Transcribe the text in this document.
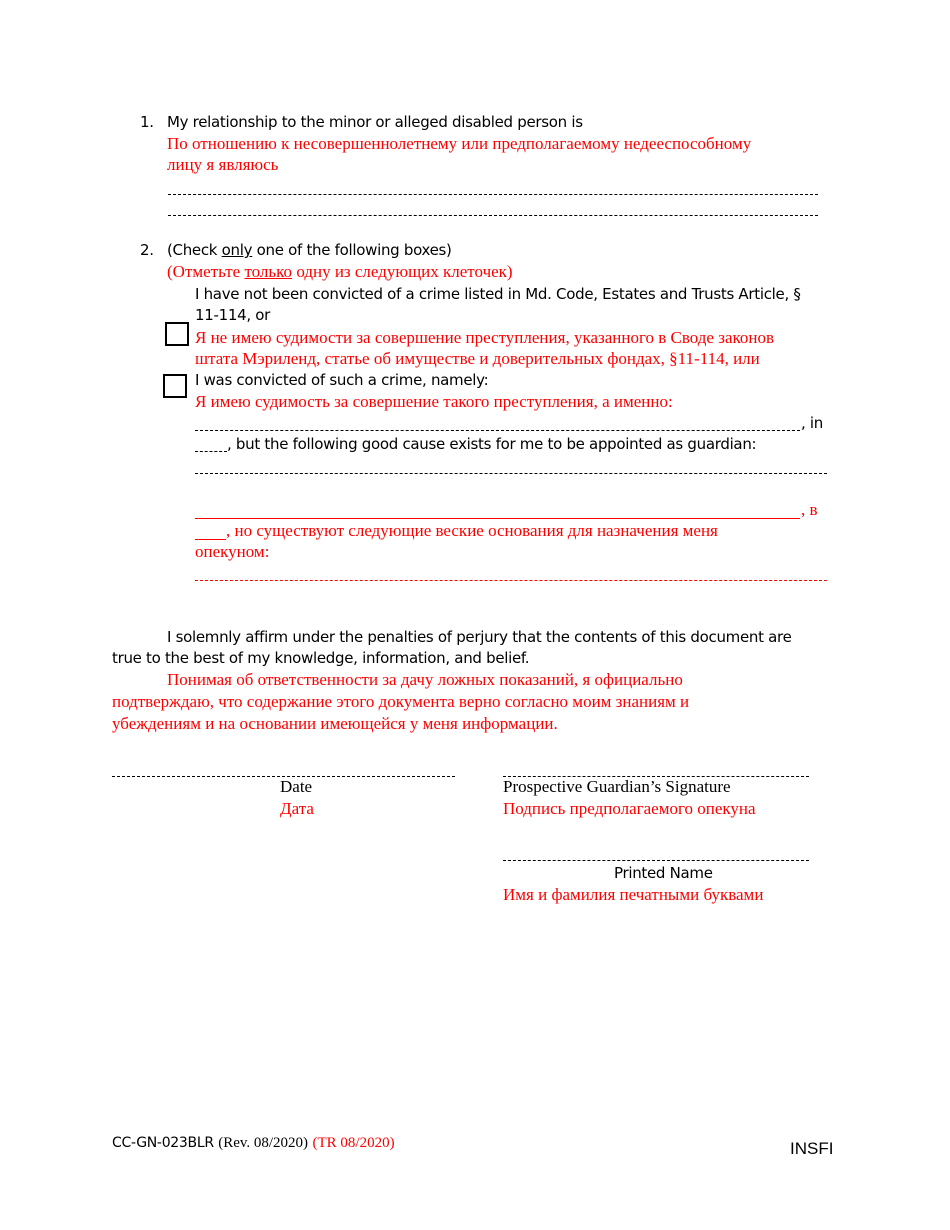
1. My relationship to the minor or alleged disabled person is
По отношению к несовершеннолетнему или предполагаемому недееспособному
лицу я являюсь
2. (Check only one of the following boxes)
(Отметьте только одну из следующих клеточек)
I have not been convicted of a crime listed in Md. Code, Estates and Trusts Article, §
11-114, or
Я не имею судимости за совершение преступления, указанного в Своде законов
штата Мэриленд, статье об имуществе и доверительных фондах, §11-114, или
I was convicted of such a crime, namely:
Я имею судимость за совершение такого преступления, а именно:
, in
, but the following good cause exists for me to be appointed as guardian:
, в
, но существуют следующие веские основания для назначения меня
опекуном:
I solemnly affirm under the penalties of perjury that the contents of this document are
true to the best of my knowledge, information, and belief.
Понимая об ответственности за дачу ложных показаний, я официально
подтверждаю, что содержание этого документа верно согласно моим знаниям и
убеждениям и на основании имеющейся у меня информации.
Date
Дата
Prospective Guardian’s Signature
Подпись предполагаемого опекуна
Printed Name
Имя и фамилия печатными буквами
CC-GN-023BLR (Rev. 08/2020) (TR 08/2020)	INSFI
